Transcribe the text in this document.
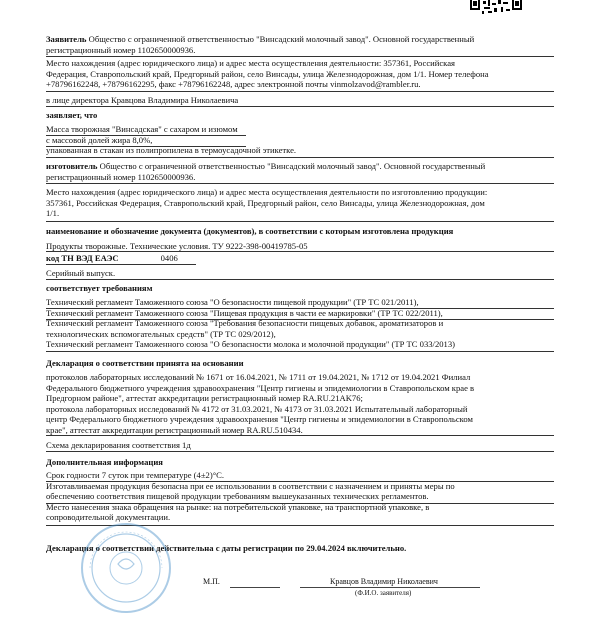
Заявитель Общество с ограниченной ответственностью "Винсадский молочный завод". Основной государственный
регистрационный номер 1102650000936.
Место нахождения (адрес юридического лица) и адрес места осуществления деятельности: 357361, Российская
Федерация, Ставропольский край, Предгорный район, село Винсады, улица Железнодорожная, дом 1/1. Номер телефона
+78796162248, +78796162295, факс +78796162248, адрес электронной почты vinmolzavod@rambler.ru.
в лице директора Кравцова Владимира Николаевича
заявляет, что
Масса творожная "Винсадская" с сахаром и изюмом
с массовой долей жира 8,0%,
упакованная в стакан из полипропилена в термоусадочной этикетке.
изготовитель Общество с ограниченной ответственностью "Винсадский молочный завод". Основной государственный
регистрационный номер 1102650000936.
Место нахождения (адрес юридического лица) и адрес места осуществления деятельности по изготовлению продукции:
357361, Российская Федерация, Ставропольский край, Предгорный район, село Винсады, улица Железнодорожная, дом
1/1.
наименование и обозначение документа (документов), в соответствии с которым изготовлена продукция
Продукты творожные. Технические условия. ТУ 9222-398-00419785-05
код ТН ВЭД ЕАЭС	0406
Серийный выпуск.
соответствует требованиям
Технический регламент Таможенного союза "О безопасности пищевой продукции" (ТР ТС 021/2011),
Технический регламент Таможенного союза "Пищевая продукция в части ее маркировки" (ТР ТС 022/2011),
Технический регламент Таможенного союза "Требования безопасности пищевых добавок, ароматизаторов и
технологических вспомогательных средств" (ТР ТС 029/2012),
Технический регламент Таможенного союза "О безопасности молока и молочной продукции" (ТР ТС 033/2013)
Декларация о соответствии принята на основании
протоколов лабораторных исследований № 1671 от 16.04.2021, № 1711 от 19.04.2021, № 1712 от 19.04.2021 Филиал
Федерального бюджетного учреждения здравоохранения "Центр гигиены и эпидемиологии в Ставропольском крае в
Предгорном районе", аттестат аккредитации регистрационный номер RA.RU.21AK76;
протокола лабораторных исследований № 4172 от 31.03.2021, № 4173 от 31.03.2021 Испытательный лабораторный
центр Федерального бюджетного учреждения здравоохранения "Центр гигиены и эпидемиологии в Ставропольском
крае", аттестат аккредитации регистрационный номер RA.RU.510434.
Схема декларирования соответствия 1д
Дополнительная информация
Срок годности 7 суток при температуре (4±2)°С.
Изготавливаемая продукция безопасна при ее использовании в соответствии с назначением и приняты меры по
обеспечению соответствия пищевой продукции требованиям вышеуказанных технических регламентов.
Место нанесения знака обращения на рынке: на потребительской упаковке, на транспортной упаковке, в
сопроводительной документации.
Декларация о соответствии действительна с даты регистрации по 29.04.2024 включительно.
М.П.	Кравцов Владимир Николаевич
(Ф.И.О. заявителя)
